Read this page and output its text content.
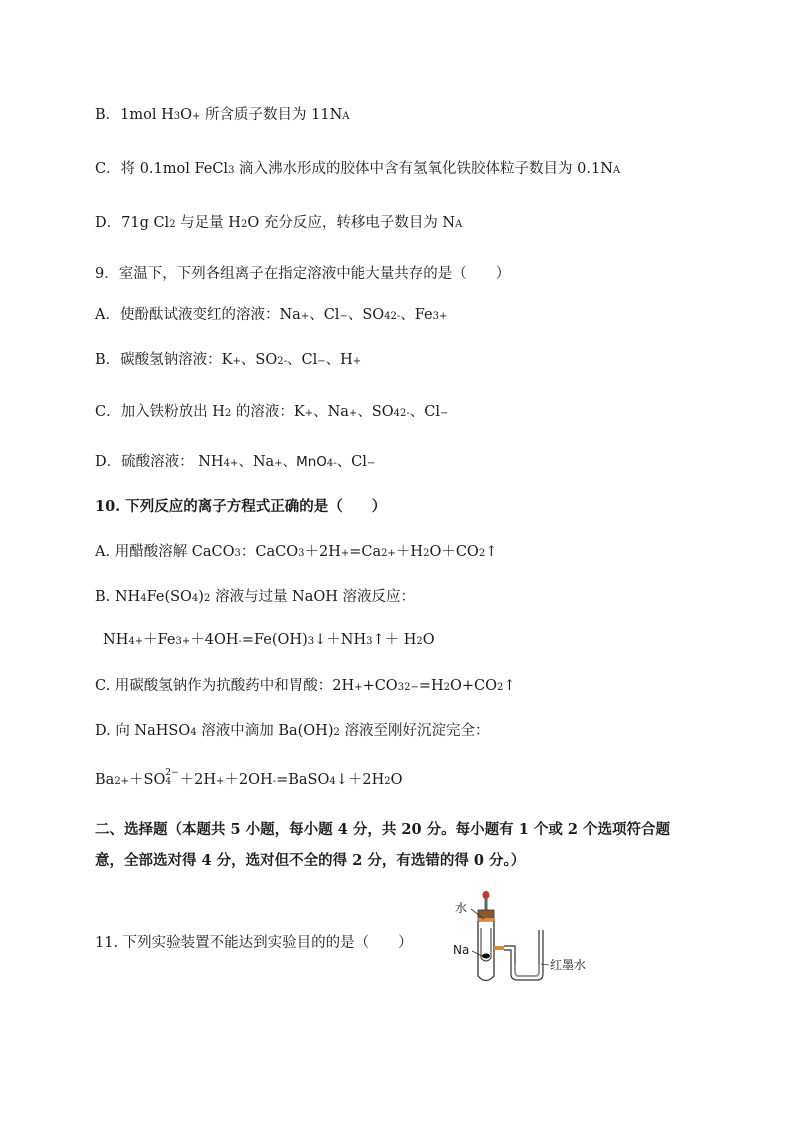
B．1mol H3O+ 所含质子数目为 11NA
C．将 0.1mol FeCl3 滴入沸水形成的胶体中含有氢氧化铁胶体粒子数目为 0.1NA
D．71g Cl2 与足量 H2O 充分反应，转移电子数目为 NA
9．室温下，下列各组离子在指定溶液中能大量共存的是（　　）
A．使酚酞试液变红的溶液：Na+、Cl−、SO42-、Fe3+
B．碳酸氢钠溶液：K+、SO2-、Cl−、H+
C．加入铁粉放出 H2 的溶液：K+、Na+、SO42-、Cl−
D．硫酸溶液： NH4+、Na+、MnO4-、Cl−
10. 下列反应的离子方程式正确的是（　　）
A. 用醋酸溶解 CaCO3：CaCO3＋2H+=Ca2+＋H2O＋CO2↑
B. NH4Fe(SO4)2 溶液与过量 NaOH 溶液反应：
NH4+＋Fe3+＋4OH-=Fe(OH)3↓＋NH3↑＋ H2O
C. 用碳酸氢钠作为抗酸药中和胃酸：2H++CO32−=H2O+CO2↑
D. 向 NaHSO4 溶液中滴加 Ba(OH)2 溶液至刚好沉淀完全：
Ba2+＋SO 2−
4 ＋2H+＋2OH-=BaSO4↓＋2H2O
二、选择题（本题共 5 小题，每小题 4 分，共 20 分。每小题有 1 个或 2 个选项符合题
意，全部选对得 4 分，选对但不全的得 2 分，有选错的得 0 分。）
11. 下列实验装置不能达到实验目的的是（　　）
水
Na
红墨水
